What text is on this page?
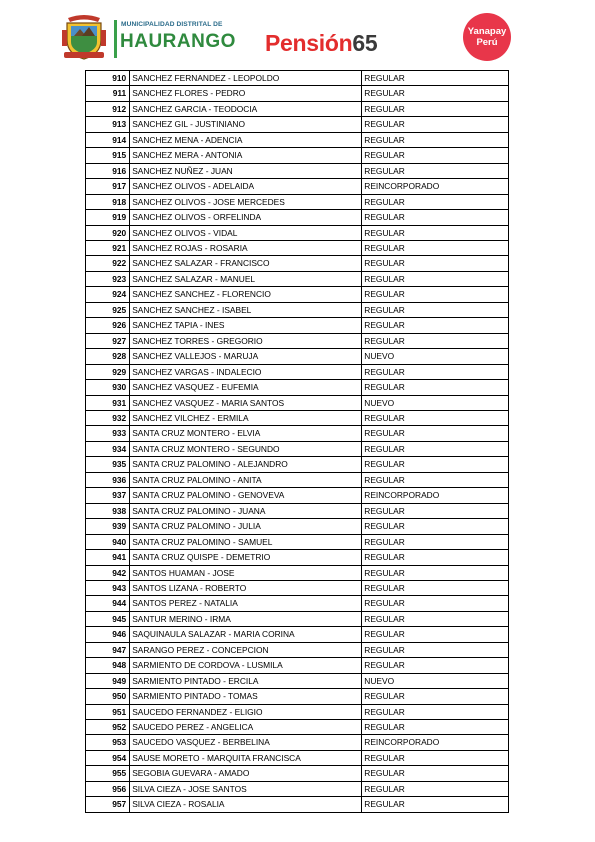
MUNICIPALIDAD DISTRITAL DE
HAURANGO Pensión65	Yanapay
Perú
910	SANCHEZ FERNANDEZ - LEOPOLDO	REGULAR
911	SANCHEZ FLORES - PEDRO	REGULAR
912	SANCHEZ GARCIA - TEODOCIA	REGULAR
913	SANCHEZ GIL - JUSTINIANO	REGULAR
914	SANCHEZ MENA - ADENCIA	REGULAR
915	SANCHEZ MERA - ANTONIA	REGULAR
916	SANCHEZ NUÑEZ - JUAN	REGULAR
917	SANCHEZ OLIVOS - ADELAIDA	REINCORPORADO
918	SANCHEZ OLIVOS - JOSE MERCEDES	REGULAR
919	SANCHEZ OLIVOS - ORFELINDA	REGULAR
920	SANCHEZ OLIVOS - VIDAL	REGULAR
921	SANCHEZ ROJAS - ROSARIA	REGULAR
922	SANCHEZ SALAZAR - FRANCISCO	REGULAR
923	SANCHEZ SALAZAR - MANUEL	REGULAR
924	SANCHEZ SANCHEZ - FLORENCIO	REGULAR
925	SANCHEZ SANCHEZ - ISABEL	REGULAR
926	SANCHEZ TAPIA - INES	REGULAR
927	SANCHEZ TORRES - GREGORIO	REGULAR
928	SANCHEZ VALLEJOS - MARUJA	NUEVO
929	SANCHEZ VARGAS - INDALECIO	REGULAR
930	SANCHEZ VASQUEZ - EUFEMIA	REGULAR
931	SANCHEZ VASQUEZ - MARIA SANTOS	NUEVO
932	SANCHEZ VILCHEZ - ERMILA	REGULAR
933	SANTA CRUZ MONTERO - ELVIA	REGULAR
934	SANTA CRUZ MONTERO - SEGUNDO	REGULAR
935	SANTA CRUZ PALOMINO - ALEJANDRO	REGULAR
936	SANTA CRUZ PALOMINO - ANITA	REGULAR
937	SANTA CRUZ PALOMINO - GENOVEVA	REINCORPORADO
938	SANTA CRUZ PALOMINO - JUANA	REGULAR
939	SANTA CRUZ PALOMINO - JULIA	REGULAR
940	SANTA CRUZ PALOMINO - SAMUEL	REGULAR
941	SANTA CRUZ QUISPE - DEMETRIO	REGULAR
942	SANTOS HUAMAN - JOSE	REGULAR
943	SANTOS LIZANA - ROBERTO	REGULAR
944	SANTOS PEREZ - NATALIA	REGULAR
945	SANTUR MERINO - IRMA	REGULAR
946	SAQUINAULA SALAZAR - MARIA CORINA	REGULAR
947	SARANGO PEREZ - CONCEPCION	REGULAR
948	SARMIENTO DE CORDOVA - LUSMILA	REGULAR
949	SARMIENTO PINTADO - ERCILA	NUEVO
950	SARMIENTO PINTADO - TOMAS	REGULAR
951	SAUCEDO FERNANDEZ - ELIGIO	REGULAR
952	SAUCEDO PEREZ - ANGELICA	REGULAR
953	SAUCEDO VASQUEZ - BERBELINA	REINCORPORADO
954	SAUSE MORETO - MARQUITA FRANCISCA	REGULAR
955	SEGOBIA GUEVARA - AMADO	REGULAR
956	SILVA CIEZA - JOSE SANTOS	REGULAR
957	SILVA CIEZA - ROSALIA	REGULAR
